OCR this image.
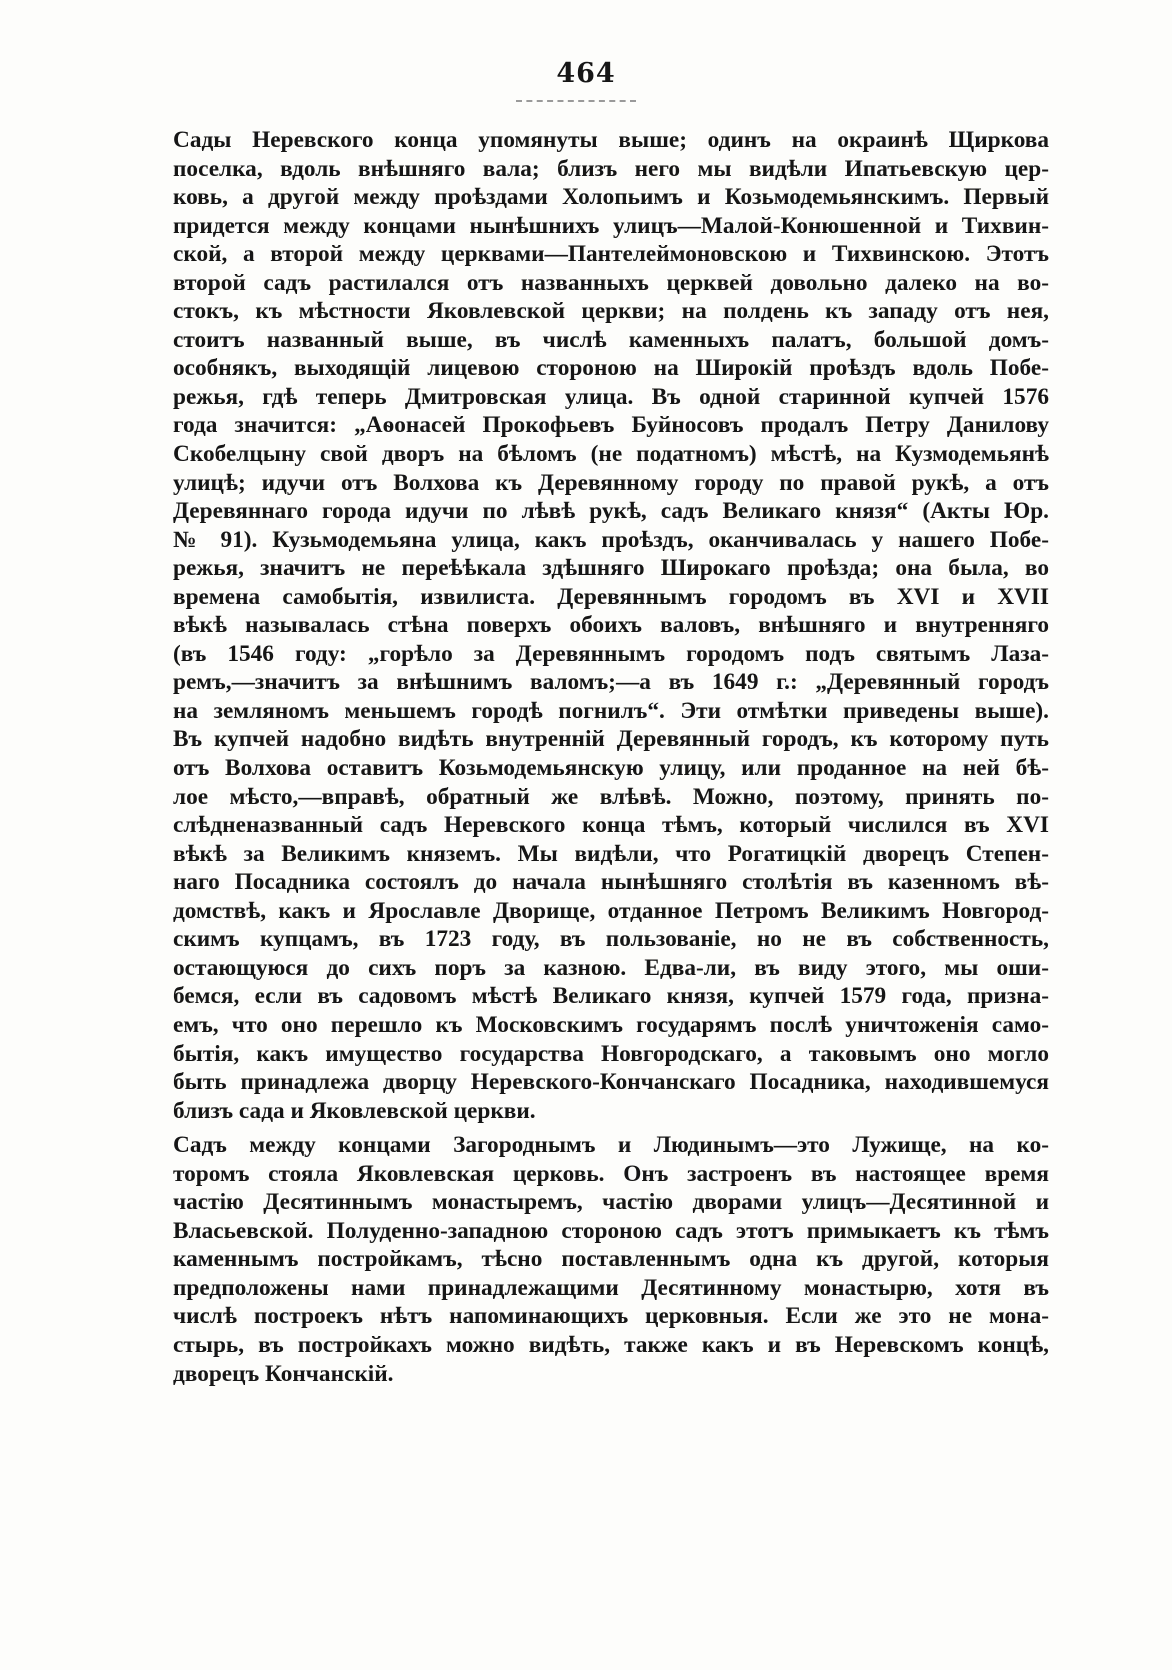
464

Сады Неревского конца упомянуты выше; одинъ на окраинѣ Щиркова
поселка, вдоль внѣшняго вала; близъ него мы видѣли Ипатьевскую цер-
ковь, а другой между проѣздами Холопьимъ и Козьмодемьянскимъ. Первый
придется между концами нынѣшнихъ улицъ—Малой-Конюшенной и Тихвин-
ской, а второй между церквами—Пантелеймоновскою и Тихвинскою. Этотъ
второй садъ растилался отъ названныхъ церквей довольно далеко на во-
стокъ, къ мѣстности Яковлевской церкви; на полдень къ западу отъ нея,
стоитъ названный выше, въ числѣ каменныхъ палатъ, большой домъ-
особнякъ, выходящій лицевою стороною на Широкій проѣздъ вдоль Побе-
режья, гдѣ теперь Дмитровская улица. Въ одной старинной купчей 1576
года значится: „Аѳонасей Прокофьевъ Буйносовъ продалъ Петру Данилову
Скобелцыну свой дворъ на бѣломъ (не податномъ) мѣстѣ, на Кузмодемьянѣ
улицѣ; идучи отъ Волхова къ Деревянному городу по правой рукѣ, а отъ
Деревяннаго города идучи по лѣвѣ рукѣ, садъ Великаго князя“ (Акты Юр.
№ 91). Кузьмодемьяна улица, какъ проѣздъ, оканчивалась у нашего Побе-
режья, значитъ не переѣѣкала здѣшняго Широкаго проѣзда; она была, во
времена самобытія, извилиста. Деревяннымъ городомъ въ XVI и XVII
вѣкѣ называлась стѣна поверхъ обоихъ валовъ, внѣшняго и внутренняго
(въ 1546 году: „горѣло за Деревяннымъ городомъ подъ святымъ Лаза-
ремъ,—значитъ за внѣшнимъ валомъ;—а въ 1649 г.: „Деревянный городъ
на земляномъ меньшемъ городѣ погнилъ“. Эти отмѣтки приведены выше).
Въ купчей надобно видѣть внутренній Деревянный городъ, къ которому путь
отъ Волхова оставитъ Козьмодемьянскую улицу, или проданное на ней бѣ-
лое мѣсто,—вправѣ, обратный же влѣвѣ. Можно, поэтому, принять по-
слѣдненазванный садъ Неревского конца тѣмъ, который числился въ XVI
вѣкѣ за Великимъ княземъ. Мы видѣли, что Рогатицкій дворецъ Степен-
наго Посадника состоялъ до начала нынѣшняго столѣтія въ казенномъ вѣ-
домствѣ, какъ и Ярославле Дворище, отданное Петромъ Великимъ Новгород-
скимъ купцамъ, въ 1723 году, въ пользованіе, но не въ собственность,
остающуюся до сихъ поръ за казною. Едва-ли, въ виду этого, мы оши-
бемся, если въ садовомъ мѣстѣ Великаго князя, купчей 1579 года, призна-
емъ, что оно перешло къ Московскимъ государямъ послѣ уничтоженія само-
бытія, какъ имущество государства Новгородскаго, а таковымъ оно могло
быть принадлежа дворцу Неревского-Кончанскаго Посадника, находившемуся
близъ сада и Яковлевской церкви.

Садъ между концами Загороднымъ и Людинымъ—это Лужище, на ко-
торомъ стояла Яковлевская церковь. Онъ застроенъ въ настоящее время
частію Десятиннымъ монастыремъ, частію дворами улицъ—Десятинной и
Власьевской. Полуденно-западною стороною садъ этотъ примыкаетъ къ тѣмъ
каменнымъ постройкамъ, тѣсно поставленнымъ одна къ другой, которыя
предположены нами принадлежащими Десятинному монастырю, хотя въ
числѣ построекъ нѣтъ напоминающихъ церковныя. Если же это не мона-
стырь, въ постройкахъ можно видѣть, также какъ и въ Неревскомъ концѣ,
дворецъ Кончанскій.
